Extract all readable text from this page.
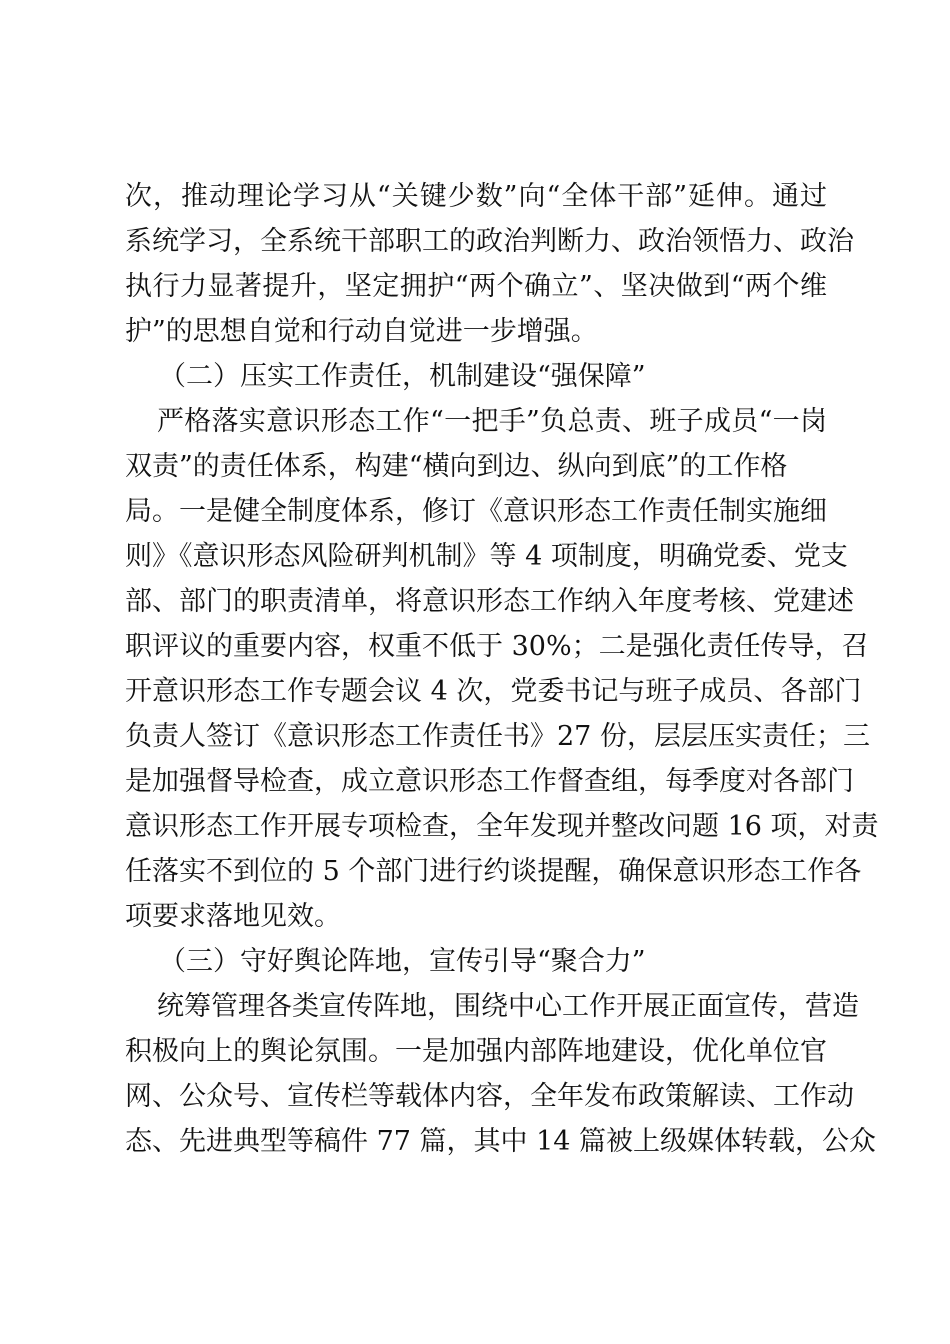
次，推动理论学习从“关键少数”向“全体干部”延伸。通过
系统学习，全系统干部职工的政治判断力、政治领悟力、政治
执行力显著提升，坚定拥护“两个确立”、坚决做到“两个维
护”的思想自觉和行动自觉进一步增强。
（二）压实工作责任，机制建设“强保障”
严格落实意识形态工作“一把手”负总责、班子成员“一岗
双责”的责任体系，构建“横向到边、纵向到底”的工作格
局。一是健全制度体系，修订《意识形态工作责任制实施细
则》《意识形态风险研判机制》等 4 项制度，明确党委、党支
部、部门的职责清单，将意识形态工作纳入年度考核、党建述
职评议的重要内容，权重不低于 30%；二是强化责任传导，召
开意识形态工作专题会议 4 次，党委书记与班子成员、各部门
负责人签订《意识形态工作责任书》27 份，层层压实责任；三
是加强督导检查，成立意识形态工作督查组，每季度对各部门
意识形态工作开展专项检查，全年发现并整改问题 16 项，对责
任落实不到位的 5 个部门进行约谈提醒，确保意识形态工作各
项要求落地见效。
（三）守好舆论阵地，宣传引导“聚合力”
统筹管理各类宣传阵地，围绕中心工作开展正面宣传，营造
积极向上的舆论氛围。一是加强内部阵地建设，优化单位官
网、公众号、宣传栏等载体内容，全年发布政策解读、工作动
态、先进典型等稿件 77 篇，其中 14 篇被上级媒体转载，公众
